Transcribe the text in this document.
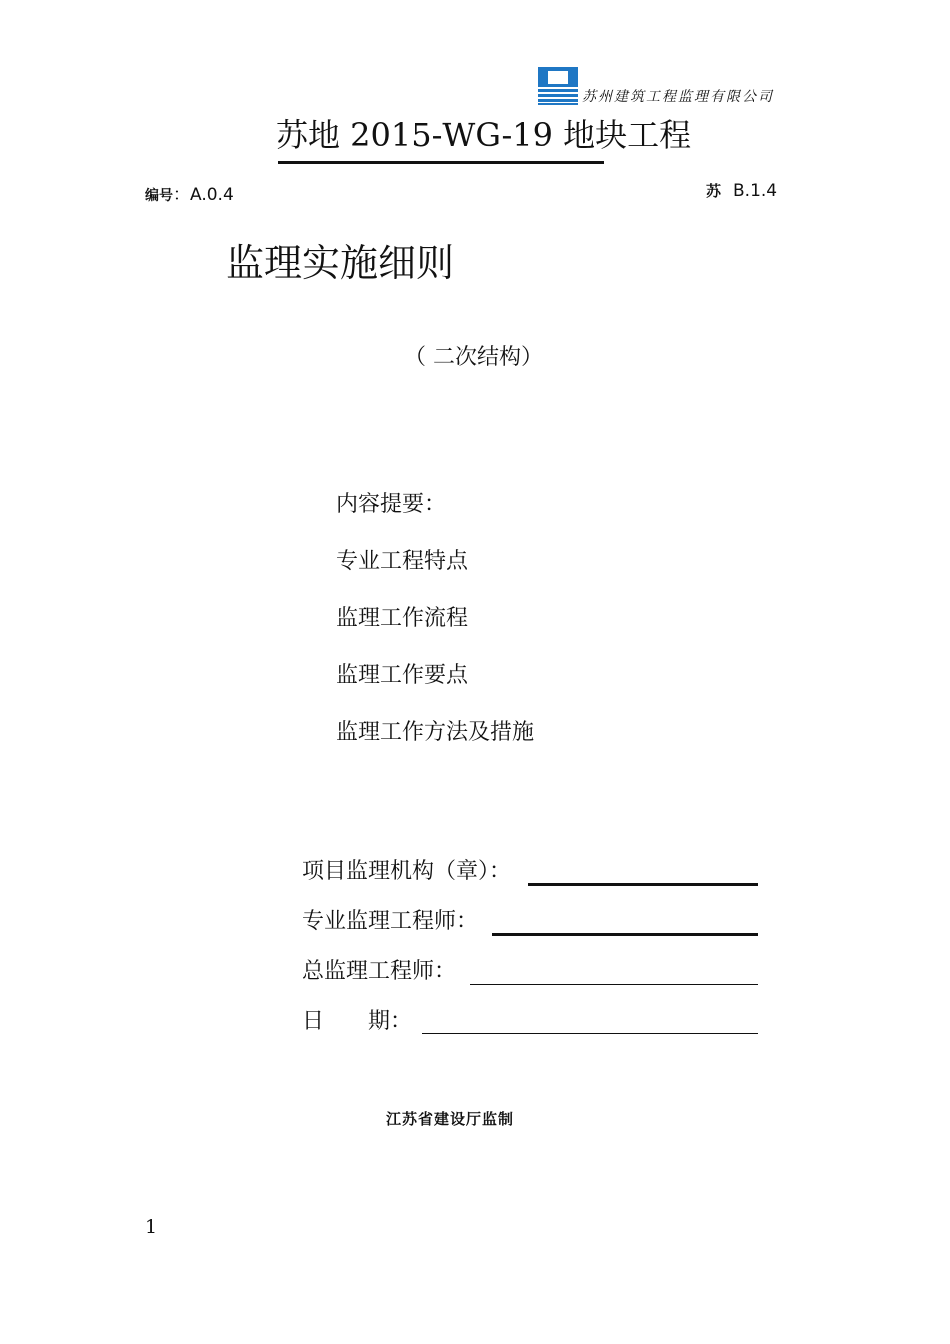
苏州建筑工程监理有限公司
苏地 2015-WG-19 地块工程
编号：A.0.4	苏 B.1.4
监理实施细则
（ 二次结构）
内容提要：
专业工程特点
监理工作流程
监理工作要点
监理工作方法及措施
项目监理机构（章）：
专业监理工程师：
总监理工程师：
日　　期：
江苏省建设厅监制
1
